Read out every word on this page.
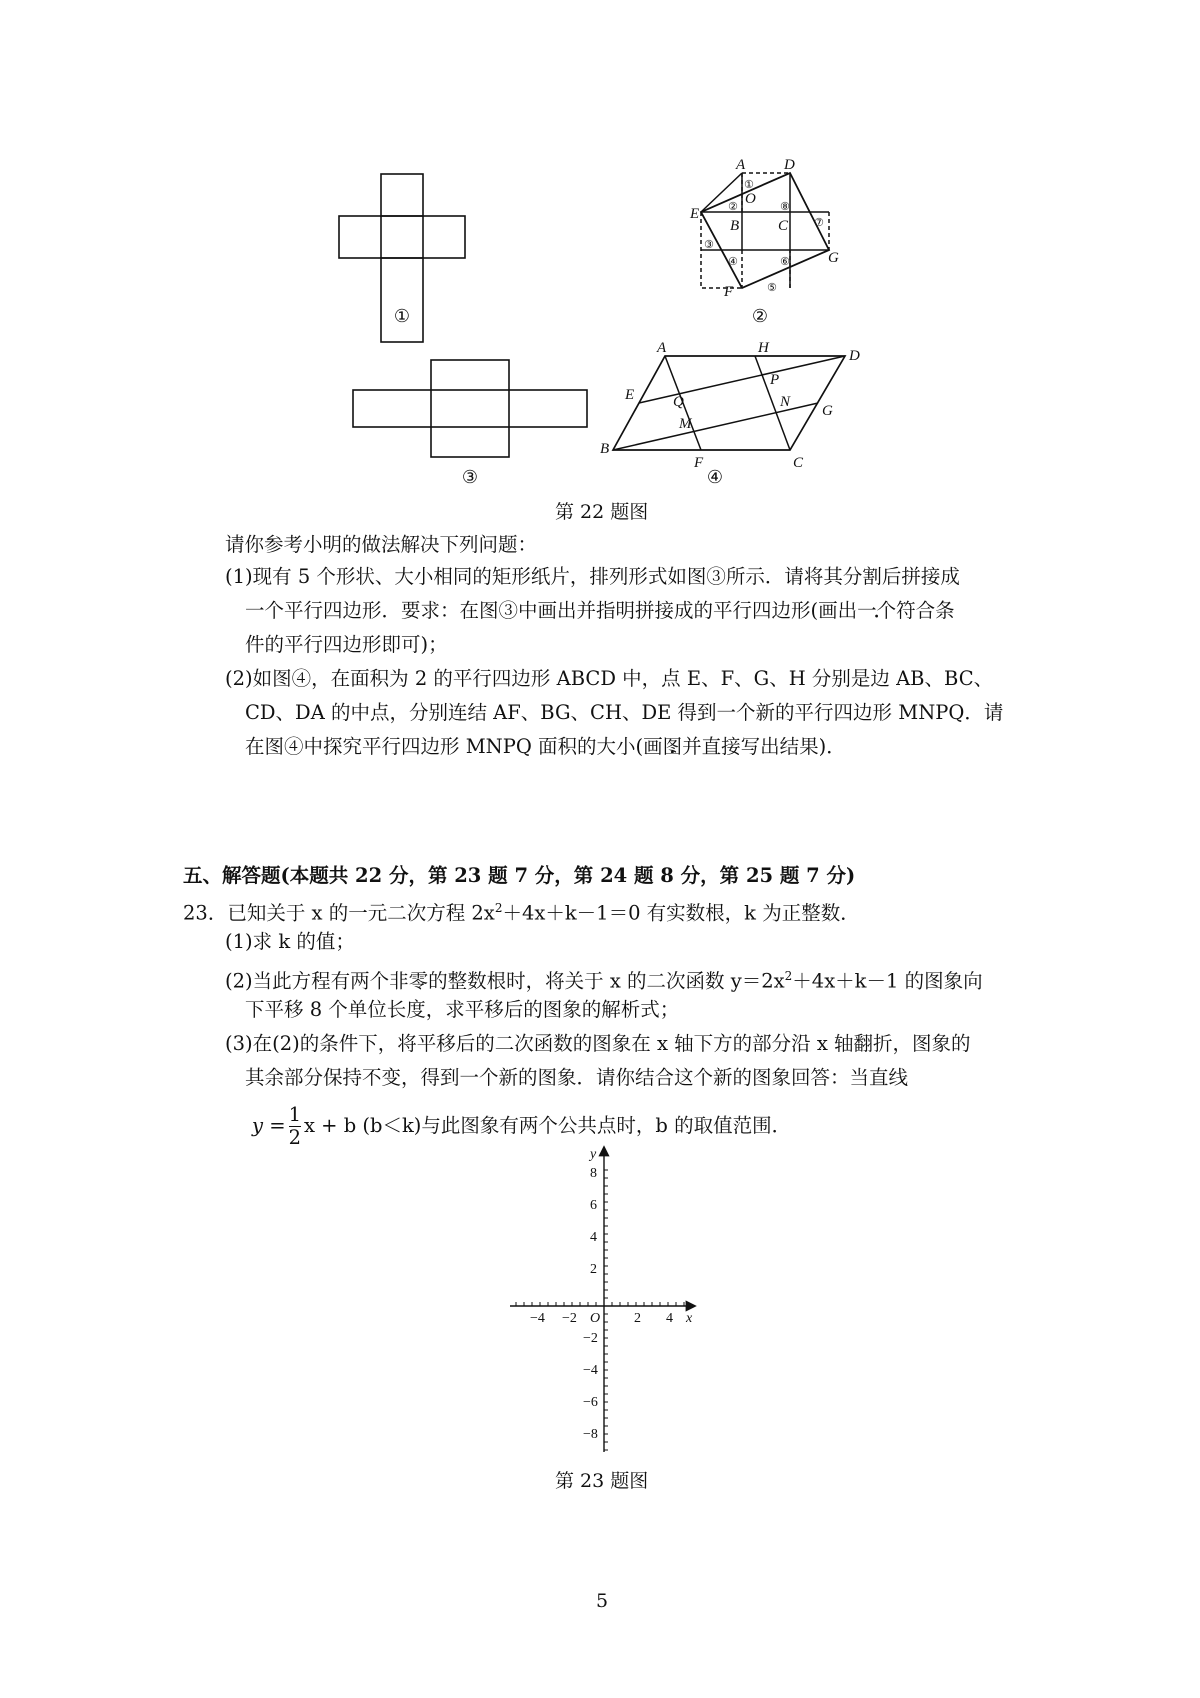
A	D
O
E
B	C
G
F
①
②
③
④
⑤
⑥
⑦
⑧
A	H	D
E
P
Q	N
G
M
B
F	C
①	②
③	④
第 22 题图
请你参考小明的做法解决下列问题：
(1)现有 5 个形状、大小相同的矩形纸片，排列形式如图③所示．请将其分割后拼接成
一个平行四边形．要求：在图③中画出并指明拼接成的平行四边形(画出一个符合条
件的平行四边形即可)；
(2)如图④，在面积为 2 的平行四边形 ABCD 中，点 E、F、G、H 分别是边 AB、BC、
CD、DA 的中点，分别连结 AF、BG、CH、DE 得到一个新的平行四边形 MNPQ．请
在图④中探究平行四边形 MNPQ 面积的大小(画图并直接写出结果)．
五、解答题(本题共 22 分，第 23 题 7 分，第 24 题 8 分，第 25 题 7 分)
23．已知关于 x 的一元二次方程 $2x^2+4x+k-1=0$ 有实数根，k 为正整数．
(1)求 k 的值；
(2)当此方程有两个非零的整数根时，将关于 x 的二次函数 $y=2x^2+4x+k-1$ 的图象向
下平移 8 个单位长度，求平移后的图象的解析式；
(3)在(2)的条件下，将平移后的二次函数的图象在 x 轴下方的部分沿 x 轴翻折，图象的
其余部分保持不变，得到一个新的图象．请你结合这个新的图象回答：当直线
$y = \frac{1}{2}$ x + b (b＜k)与此图象有两个公共点时，b 的取值范围．
x
y
O
−4 −2	2 4
8
6
4
2
−2
−4
−6
−8
第 23 题图
5
